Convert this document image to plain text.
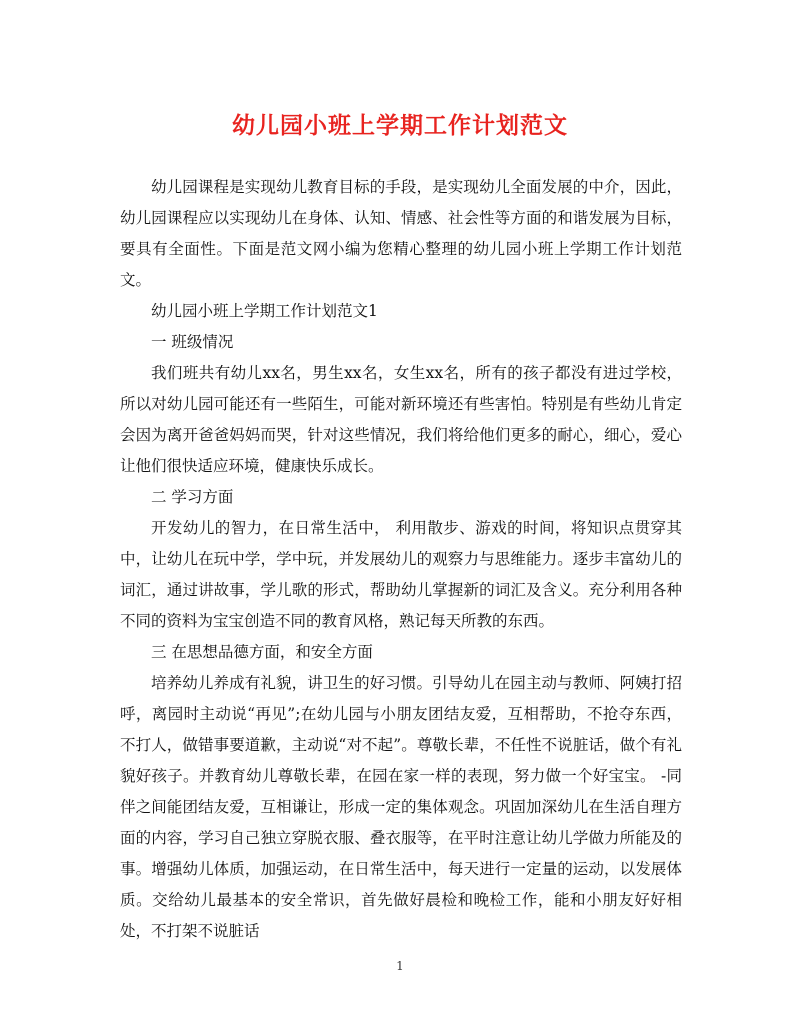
幼儿园小班上学期工作计划范文

幼儿园课程是实现幼儿教育目标的手段，是实现幼儿全面发展的中介，因此，幼儿园课程应以实现幼儿在身体、认知、情感、社会性等方面的和谐发展为目标，要具有全面性。下面是范文网小编为您精心整理的幼儿园小班上学期工作计划范文。

幼儿园小班上学期工作计划范文1

一 班级情况

我们班共有幼儿xx名，男生xx名，女生xx名，所有的孩子都没有进过学校，所以对幼儿园可能还有一些陌生，可能对新环境还有些害怕。特别是有些幼儿肯定会因为离开爸爸妈妈而哭，针对这些情况，我们将给他们更多的耐心，细心，爱心让他们很快适应环境，健康快乐成长。

二 学习方面

开发幼儿的智力，在日常生活中， 利用散步、游戏的时间，将知识点贯穿其中，让幼儿在玩中学，学中玩，并发展幼儿的观察力与思维能力。逐步丰富幼儿的词汇，通过讲故事，学儿歌的形式，帮助幼儿掌握新的词汇及含义。充分利用各种不同的资料为宝宝创造不同的教育风格，熟记每天所教的东西。

三 在思想品德方面，和安全方面

培养幼儿养成有礼貌，讲卫生的好习惯。引导幼儿在园主动与教师、阿姨打招呼，离园时主动说“再见”;在幼儿园与小朋友团结友爱，互相帮助，不抢夺东西，不打人，做错事要道歉，主动说“对不起”。尊敬长辈，不任性不说脏话，做个有礼貌好孩子。并教育幼儿尊敬长辈，在园在家一样的表现，努力做一个好宝宝。 -同伴之间能团结友爱，互相谦让，形成一定的集体观念。巩固加深幼儿在生活自理方面的内容，学习自己独立穿脱衣服、叠衣服等，在平时注意让幼儿学做力所能及的事。增强幼儿体质，加强运动，在日常生活中，每天进行一定量的运动，以发展体质。交给幼儿最基本的安全常识，首先做好晨检和晚检工作，能和小朋友好好相处，不打架不说脏话

1
